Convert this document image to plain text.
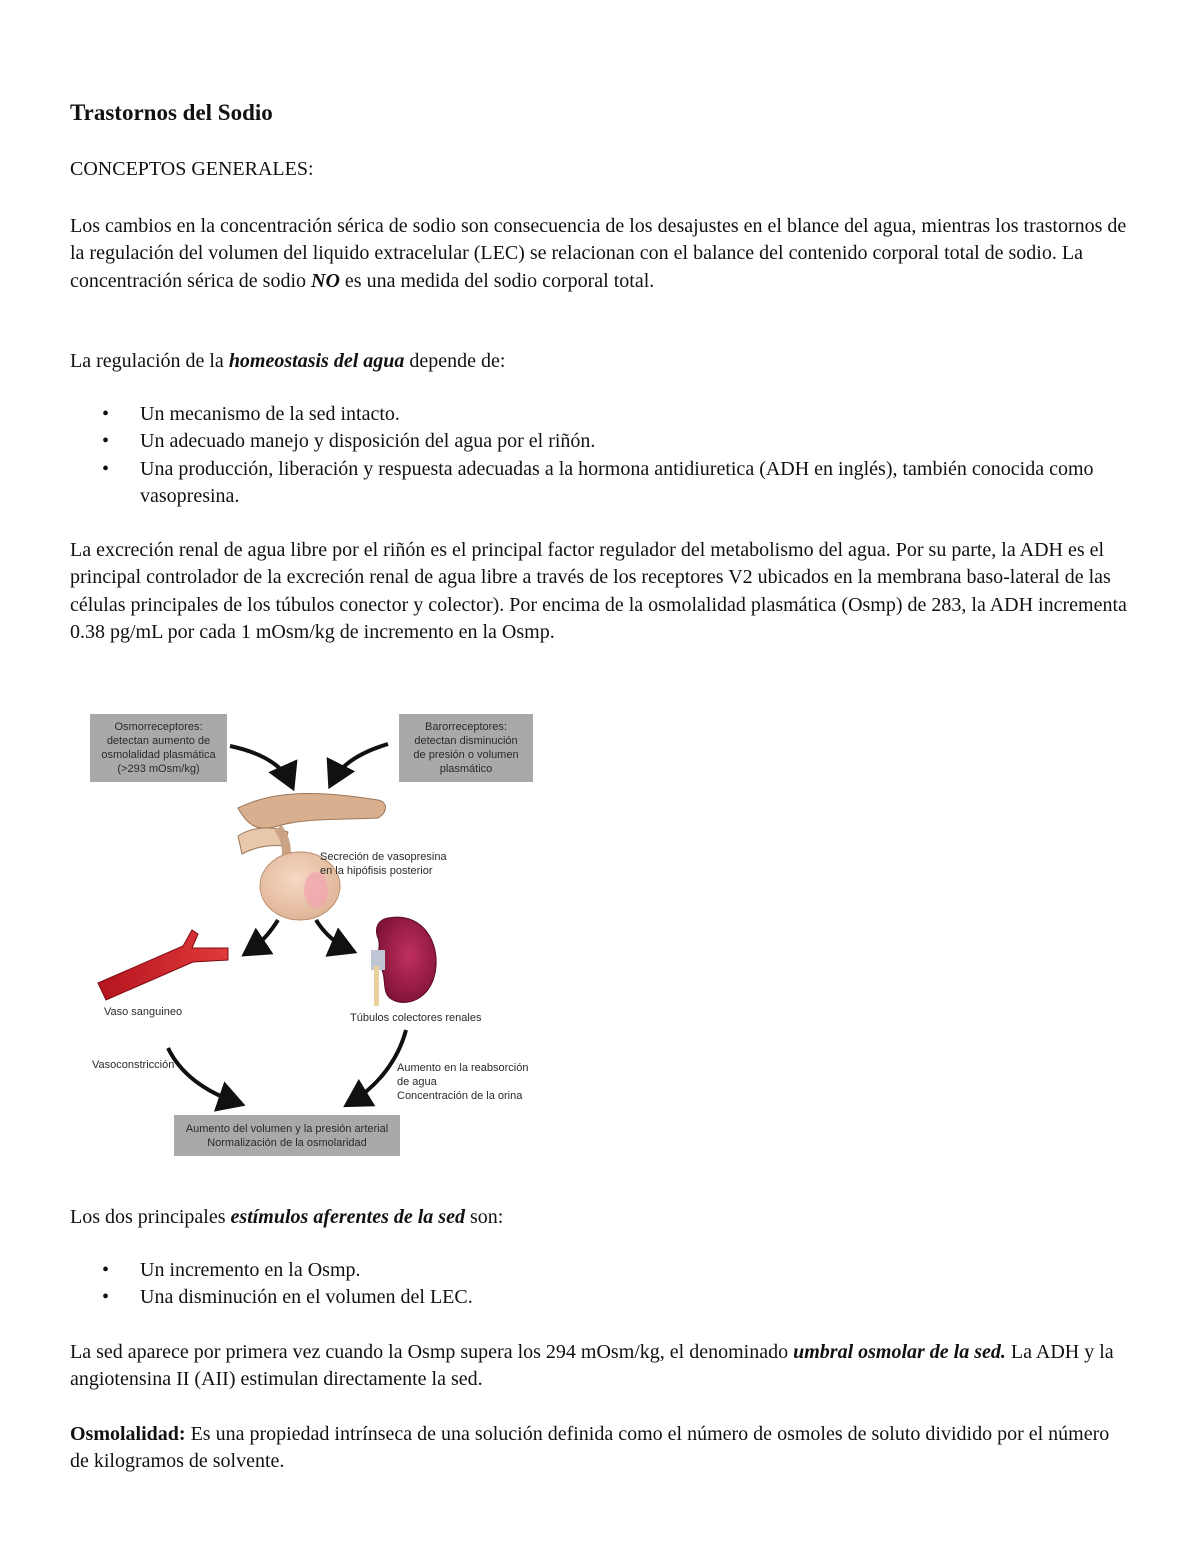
Trastornos del Sodio
CONCEPTOS GENERALES:

Los cambios en la concentración sérica de sodio son consecuencia de los desajustes en el blance del agua, mientras los trastornos de la regulación del volumen del liquido extracelular (LEC) se relacionan con el balance del contenido corporal total de sodio. La concentración sérica de sodio NO es una medida del sodio corporal total.

La regulación de la homeostasis del agua depende de:

• Un mecanismo de la sed intacto.
• Un adecuado manejo y disposición del agua por el riñón.
• Una producción, liberación y respuesta adecuadas a la hormona antidiuretica (ADH en inglés), también conocida como vasopresina.

La excreción renal de agua libre por el riñón es el principal factor regulador del metabolismo del agua. Por su parte, la ADH es el principal controlador de la excreción renal de agua libre a través de los receptores V2 ubicados en la membrana baso-lateral de las células principales de los túbulos conector y colector). Por encima de la osmolalidad plasmática (Osmp) de 283, la ADH incrementa 0.38 pg/mL por cada 1 mOsm/kg de incremento en la Osmp.

Los dos principales estímulos aferentes de la sed son:

• Un incremento en la Osmp.
• Una disminución en el volumen del LEC.

La sed aparece por primera vez cuando la Osmp supera los 294 mOsm/kg, el denominado umbral osmolar de la sed. La ADH y la angiotensina II (AII) estimulan directamente la sed.

Osmolalidad: Es una propiedad intrínseca de una solución definida como el número de osmoles de soluto dividido por el número de kilogramos de solvente.

Osmorreceptores:
detectan aumento de
osmolalidad plasmática
(>293 mOsm/kg)
Barorreceptores:
detectan disminución
de presión o volumen
plasmático
Secreción de vasopresina
en la hipófisis posterior
Vaso sanguineo	Túbulos colectores renales
Vasoconstricción	Aumento en la reabsorción
de agua
Concentración de la orina
Aumento del volumen y la presión arterial
Normalización de la osmolaridad
